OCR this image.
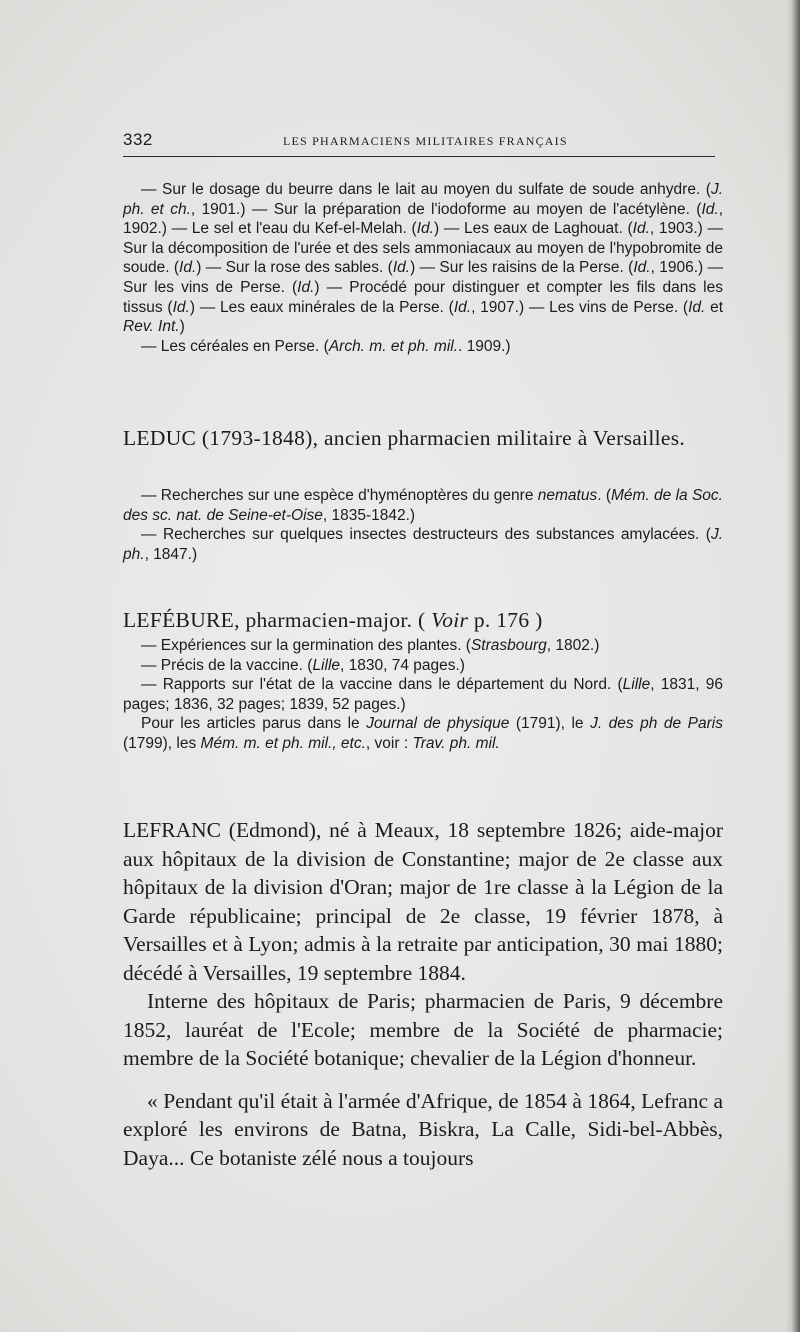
332	LES PHARMACIENS MILITAIRES FRANÇAIS

— Sur le dosage du beurre dans le lait au moyen du sulfate de soude anhydre. (J. ph. et ch., 1901.) — Sur la préparation de l'iodoforme au moyen de l'acétylène. (Id., 1902.) — Le sel et l'eau du Kef-el-Melah. (Id.) — Les eaux de Laghouat. (Id., 1903.) — Sur la décomposition de l'urée et des sels ammoniacaux au moyen de l'hypobromite de soude. (Id.) — Sur la rose des sables. (Id.) — Sur les raisins de la Perse. (Id., 1906.) — Sur les vins de Perse. (Id.) — Procédé pour distinguer et compter les fils dans les tissus (Id.) — Les eaux minérales de la Perse. (Id., 1907.) — Les vins de Perse. (Id. et Rev. Int.)

— Les céréales en Perse. (Arch. m. et ph. mil.. 1909.)

LEDUC (1793-1848), ancien pharmacien militaire à Versailles.

— Recherches sur une espèce d'hyménoptères du genre nematus. (Mém. de la Soc. des sc. nat. de Seine-et-Oise, 1835-1842.)

— Recherches sur quelques insectes destructeurs des substances amylacées. (J. ph., 1847.)

LEFÉBURE, pharmacien-major. ( Voir p. 176 )

— Expériences sur la germination des plantes. (Strasbourg, 1802.)

— Précis de la vaccine. (Lille, 1830, 74 pages.)

— Rapports sur l'état de la vaccine dans le département du Nord. (Lille, 1831, 96 pages; 1836, 32 pages; 1839, 52 pages.)

Pour les articles parus dans le Journal de physique (1791), le J. des ph de Paris (1799), les Mém. m. et ph. mil., etc., voir : Trav. ph. mil.

LEFRANC (Edmond), né à Meaux, 18 septembre 1826; aide-major aux hôpitaux de la division de Constantine; major de 2e classe aux hôpitaux de la division d'Oran; major de 1re classe à la Légion de la Garde républicaine; principal de 2e classe, 19 février 1878, à Versailles et à Lyon; admis à la retraite par anticipation, 30 mai 1880; décédé à Versailles, 19 septembre 1884.

Interne des hôpitaux de Paris; pharmacien de Paris, 9 décembre 1852, lauréat de l'Ecole; membre de la Société de pharmacie; membre de la Société botanique; chevalier de la Légion d'honneur.

« Pendant qu'il était à l'armée d'Afrique, de 1854 à 1864, Lefranc a exploré les environs de Batna, Biskra, La Calle, Sidi-bel-Abbès, Daya... Ce botaniste zélé nous a toujours
